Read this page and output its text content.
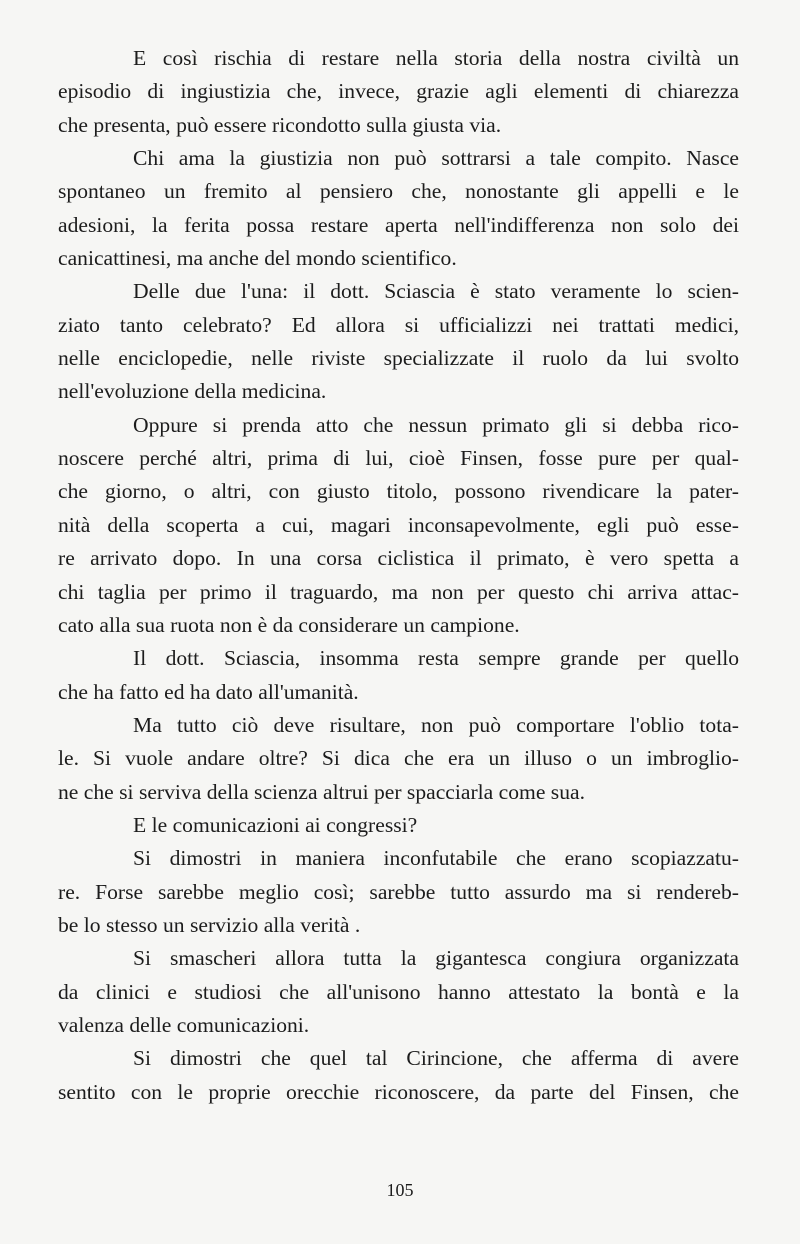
E così rischia di restare nella storia della nostra civiltà un
episodio di ingiustizia che, invece, grazie agli elementi di chiarezza
che presenta, può essere ricondotto sulla giusta via.
Chi ama la giustizia non può sottrarsi a tale compito. Nasce
spontaneo un fremito al pensiero che, nonostante gli appelli e le
adesioni, la ferita possa restare aperta nell'indifferenza non solo dei
canicattinesi, ma anche del mondo scientifico.
Delle due l'una: il dott. Sciascia è stato veramente lo scien-
ziato tanto celebrato? Ed allora si ufficializzi nei trattati medici,
nelle enciclopedie, nelle riviste specializzate il ruolo da lui svolto
nell'evoluzione della medicina.
Oppure si prenda atto che nessun primato gli si debba rico-
noscere perché altri, prima di lui, cioè Finsen, fosse pure per qual-
che giorno, o altri, con giusto titolo, possono rivendicare la pater-
nità della scoperta a cui, magari inconsapevolmente, egli può esse-
re arrivato dopo. In una corsa ciclistica il primato, è vero spetta a
chi taglia per primo il traguardo, ma non per questo chi arriva attac-
cato alla sua ruota non è da considerare un campione.
Il dott. Sciascia, insomma resta sempre grande per quello
che ha fatto ed ha dato all'umanità.
Ma tutto ciò deve risultare, non può comportare l'oblio tota-
le. Si vuole andare oltre? Si dica che era un illuso o un imbroglio-
ne che si serviva della scienza altrui per spacciarla come sua.
E le comunicazioni ai congressi?
Si dimostri in maniera inconfutabile che erano scopiazzatu-
re. Forse sarebbe meglio così; sarebbe tutto assurdo ma si rendereb-
be lo stesso un servizio alla verità .
Si smascheri allora tutta la gigantesca congiura organizzata
da clinici e studiosi che all'unisono hanno attestato la bontà e la
valenza delle comunicazioni.
Si dimostri che quel tal Cirincione, che afferma di avere
sentito con le proprie orecchie riconoscere, da parte del Finsen, che
105
